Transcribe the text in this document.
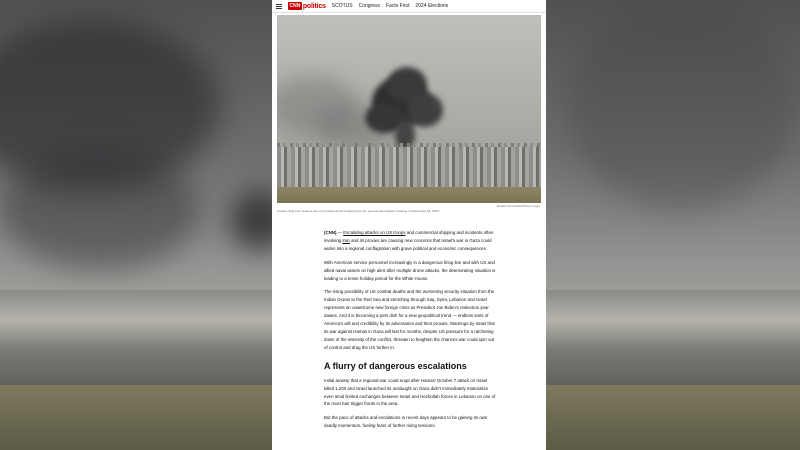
CNN politics SCOTUS Congress Facts First 2024 Elections
Ronaldo Schemidt/AFP/Getty Images
Smoke rising from Gaza is seen from Israel as the Israeli army's air, sea and land attacks continue on December 18, 2023.

(CNN) — Escalating attacks on US troops and commercial shipping and incidents often involving Iran and its proxies are causing new concerns that Israel's war in Gaza could widen into a regional conflagration with grave political and economic consequences.

With American service personnel increasingly in a dangerous firing line and with US and allied naval assets on high alert after multiple drone attacks, the deteriorating situation is leading to a tense holiday period for the White House.

The rising possibility of US combat deaths and the worsening security situation from the Indian Ocean to the Red Sea and stretching through Iraq, Syria, Lebanon and Israel represents an unwelcome new foreign crisis as President Joe Biden's reelection year dawns. And it is becoming a petri dish for a new geopolitical trend — endless tests of America's will and credibility by its adversaries and their proxies. Warnings by Israel that its war against Hamas in Gaza will last for months, despite US pressure for a ratcheting down of the intensity of the conflict, threaten to heighten the chances war could spin out of control and drag the US further in.

A flurry of dangerous escalations

Initial anxiety that a regional war could erupt after Hamas' October 7 attack on Israel killed 1,200 and Israel launched its onslaught on Gaza didn't immediately materialize even amid limited exchanges between Israel and Hezbollah forces in Lebanon on one of the most hair trigger fronts in the area.

But the pace of attacks and escalations in recent days appears to be gaining its own deadly momentum, fueling fears of further rising tensions.
